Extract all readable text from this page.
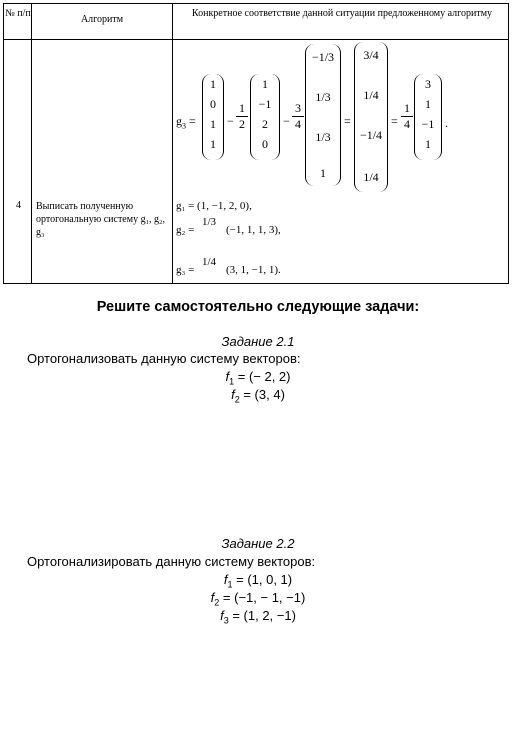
№ п/п
Алгоритм
Конкретное соответствие данной ситуации предложенному алгоритму
$g_3$ =
1
0
1
1
−
1
2
1
−1
2
0
−
3
4
−1/3
1/3
1/3
1
=
3/4
1/4
−1/4
1/4
=
1
4
3
1
−1
1
.
4 Выписать полученную ортогональную систему g₁, g₂, g₃
g₁ = (1, −1, 2, 0),
g₂ =
1/3
(−1, 1, 1, 3),
g₃ =
1/4
(3, 1, −1, 1).
Решите самостоятельно следующие задачи:
Задание 2.1
Ортогонализовать данную систему векторов:
$f_1$ = (− 2, 2)
$f_2 = (3$, 4)
Задание 2.2
Ортогонализировать данную систему векторов:
$f_1 = (1$, 0, 1)
$f_2 = (-1$, − 1, −1)
$f_3 = (1$, 2, −1)
